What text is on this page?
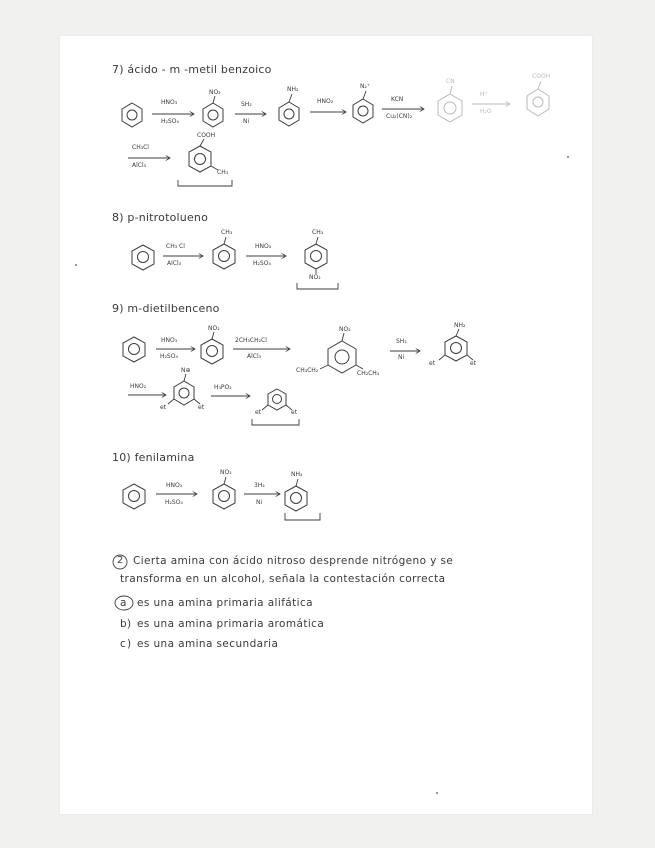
7) ácido - m -metil benzoico
HNO₃
H₂SO₄
NO₂
SH₂
Ni
NH₂
HNO₂
N₂⁺
KCN
Cu₂(CN)₂
CN
H⁺
H₂O
COOH
CH₃Cl
AlCl₃
COOH
CH₃
8) p-nitrotolueno
CH₃ Cl
AlCl₃
CH₃
HNO₃
H₂SO₄
CH₃
NO₂
9) m-dietilbenceno
HNO₃
H₂SO₄
NO₂
2CH₃CH₂Cl
AlCl₃
NO₂
CH₃CH₂	CH₂CH₃
SH₂
Ni
NH₂
et	et
HNO₂
N⊕
et	et
H₃PO₂
et	et
10) fenilamina
HNO₃
H₂SO₄
NO₂
3H₂
Ni
NH₂
2 Cierta amina con ácido nitroso desprende nitrógeno y se
transforma en un alcohol, señala la contestación correcta
a es una amina primaria alifática
b ) es una amina primaria aromática
c ) es una amina secundaria
